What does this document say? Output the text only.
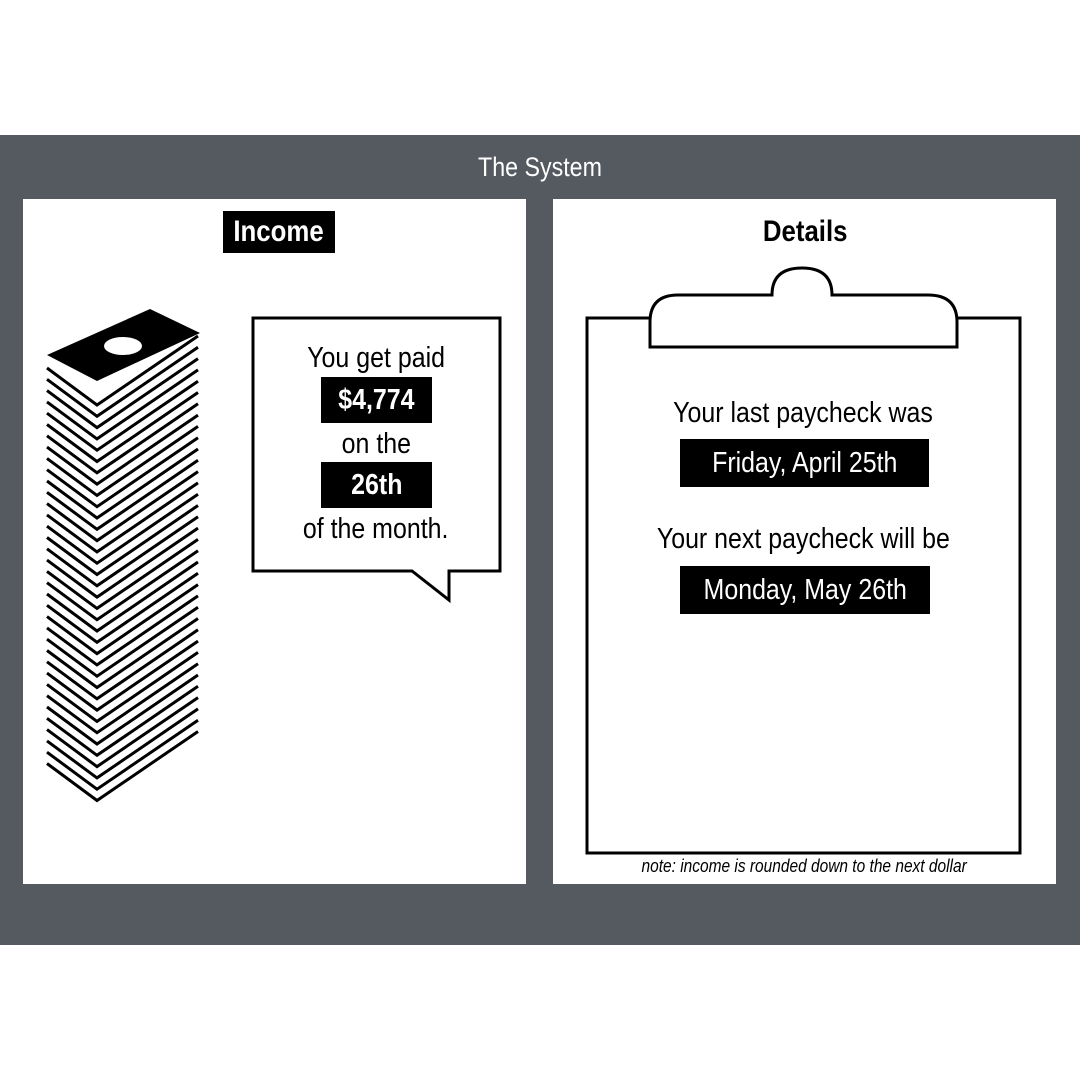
The System
Income
You get paid
$4,774
on the
26th
of the month.
Details
Your last paycheck was
Friday, April 25th
Your next paycheck will be
Monday, May 26th
note: income is rounded down to the next dollar
